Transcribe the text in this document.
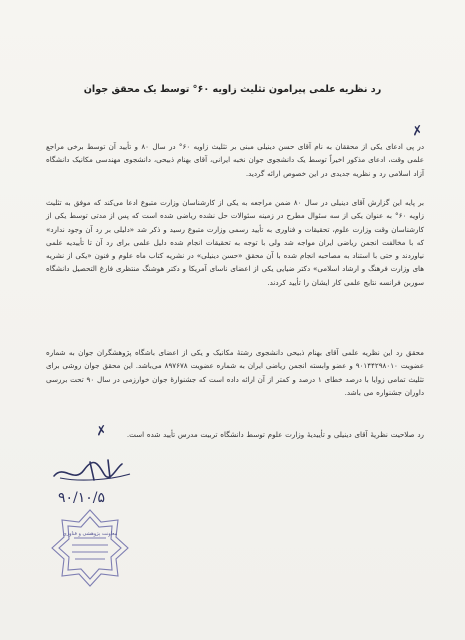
رد نظریه علمی پیرامون تثلیث زاویه ۶۰° توسط یک محقق جوان
در پی ادعای یکی از محققان به نام آقای حسن دینیلی مبنی بر تثلیث زاویه ۶۰° در سال ۸۰ و تأیید آن توسط برخی مراجع علمی وقت، ادعای مذکور اخیراً توسط یک دانشجوی جوان نخبه ایرانی، آقای بهنام ذبیحی، دانشجوی مهندسی مکانیک دانشگاه آزاد اسلامی رد و نظریه جدیدی در این خصوص ارائه گردید.
بر پایه این گزارش آقای دینیلی در سال ۸۰ ضمن مراجعه به یکی از کارشناسان وزارت متبوع ادعا می‌کند که موفق به تثلیث زاویه ۶۰° به عنوان یکی از سه سئوال مطرح در زمینه سئوالات حل نشده ریاضی شده است که پس از مدتی توسط یکی از کارشناسان وقت وزارت علوم، تحقیقات و فناوری به تأیید رسمی وزارت متبوع رسید و ذکر شد «دلیلی بر رد آن وجود ندارد» که با مخالفت انجمن ریاضی ایران مواجه شد ولی با توجه به تحقیقات انجام شده دلیل علمی برای رد آن تا تأییدیه علمی نیاوردند و حتی با استناد به مصاحبه انجام شده با آن محقق «حسن دینیلی» در نشریه کتاب ماه علوم و فنون «یکی از نشریه های وزارت فرهنگ و ارشاد اسلامی» دکتر ضیایی یکی از اعضای ناسای آمریکا و دکتر هوشنگ منتظری فارغ التحصیل دانشگاه سوربن فرانسه نتایج علمی کار ایشان را تأیید کردند.
محقق رد این نظریه علمی آقای بهنام ذبیحی دانشجوی رشتهٔ مکانیک و یکی از اعضای باشگاه پژوهشگران جوان به شماره عضویت ۹۰۱۴۴۲۹۸۰۱۰ و عضو وابسته انجمن ریاضی ایران به شماره عضویت ۸۹۷۶۷۸ می‌باشد. این محقق جوان روشی برای تثلیث تمامی زوایا با درصد خطای ۱ درصد و کمتر از آن ارائه داده است که جشنوارهٔ جوان خوارزمی در سال ۹۰ تحت بررسی داوران جشنواره می باشد.
رد صلاحیت نظریهٔ آقای دینیلی و تأییدیهٔ وزارت علوم توسط دانشگاه تربیت مدرس تأیید شده است.
✗
✗
۹۰/۱۰/۵
معاونت پژوهشی و فناوری
